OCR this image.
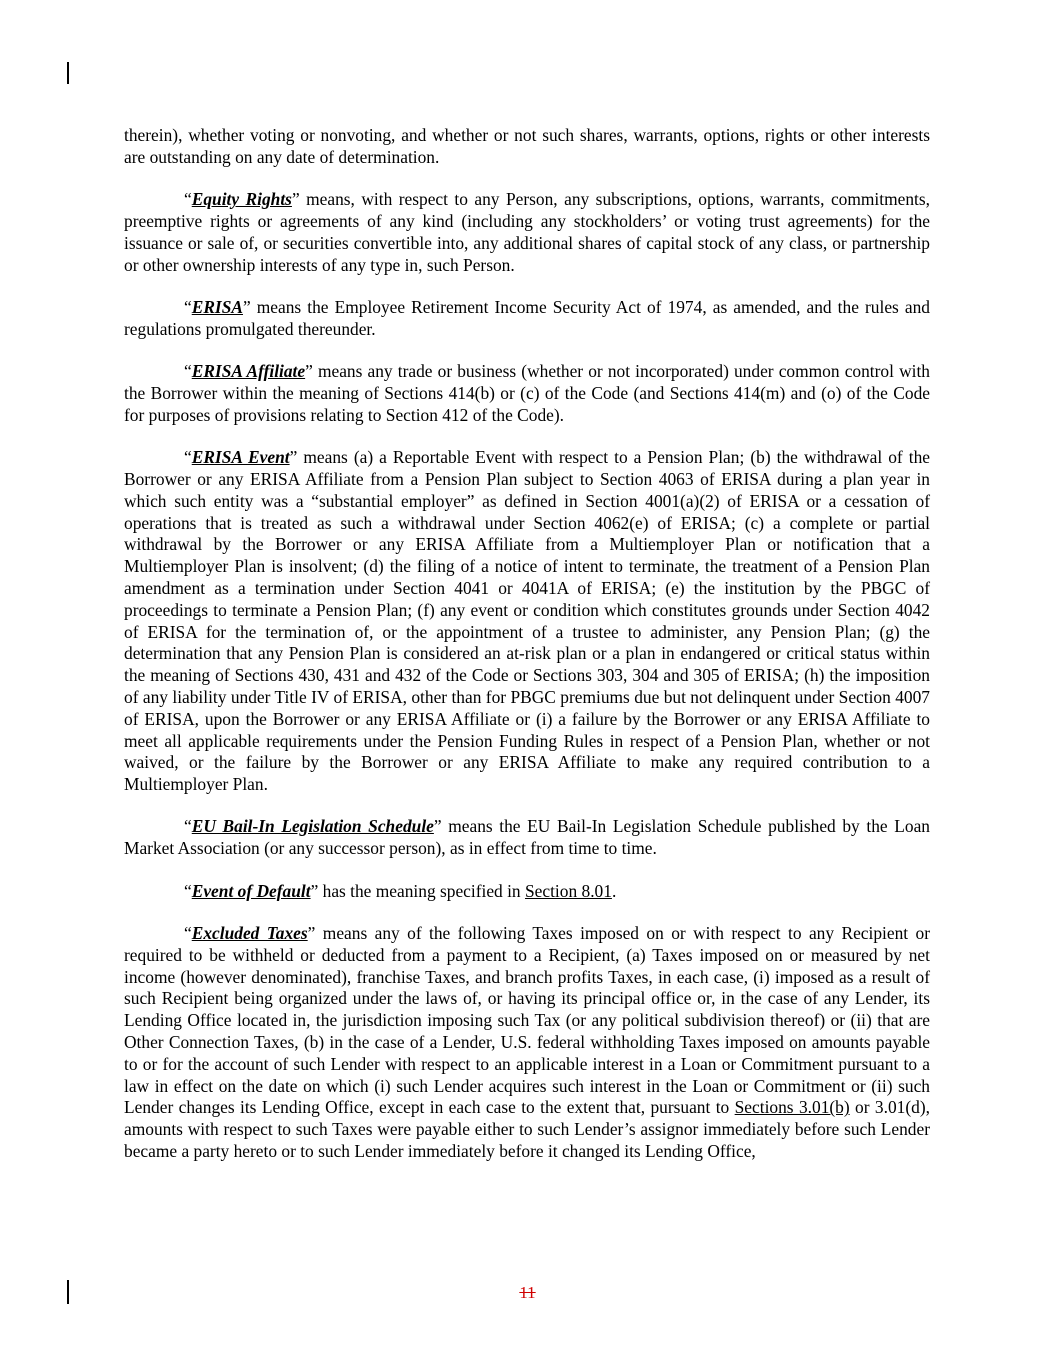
therein), whether voting or nonvoting, and whether or not such shares, warrants, options, rights or other interests are outstanding on any date of determination.

“Equity Rights” means, with respect to any Person, any subscriptions, options, warrants, commitments, preemptive rights or agreements of any kind (including any stockholders’ or voting trust agreements) for the issuance or sale of, or securities convertible into, any additional shares of capital stock of any class, or partnership or other ownership interests of any type in, such Person.

“ERISA” means the Employee Retirement Income Security Act of 1974, as amended, and the rules and regulations promulgated thereunder.

“ERISA Affiliate” means any trade or business (whether or not incorporated) under common control with the Borrower within the meaning of Sections 414(b) or (c) of the Code (and Sections 414(m) and (o) of the Code for purposes of provisions relating to Section 412 of the Code).

“ERISA Event” means (a) a Reportable Event with respect to a Pension Plan; (b) the withdrawal of the Borrower or any ERISA Affiliate from a Pension Plan subject to Section 4063 of ERISA during a plan year in which such entity was a “substantial employer” as defined in Section 4001(a)(2) of ERISA or a cessation of operations that is treated as such a withdrawal under Section 4062(e) of ERISA; (c) a complete or partial withdrawal by the Borrower or any ERISA Affiliate from a Multiemployer Plan or notification that a Multiemployer Plan is insolvent; (d) the filing of a notice of intent to terminate, the treatment of a Pension Plan amendment as a termination under Section 4041 or 4041A of ERISA; (e) the institution by the PBGC of proceedings to terminate a Pension Plan; (f) any event or condition which constitutes grounds under Section 4042 of ERISA for the termination of, or the appointment of a trustee to administer, any Pension Plan; (g) the determination that any Pension Plan is considered an at-risk plan or a plan in endangered or critical status within the meaning of Sections 430, 431 and 432 of the Code or Sections 303, 304 and 305 of ERISA; (h) the imposition of any liability under Title IV of ERISA, other than for PBGC premiums due but not delinquent under Section 4007 of ERISA, upon the Borrower or any ERISA Affiliate or (i) a failure by the Borrower or any ERISA Affiliate to meet all applicable requirements under the Pension Funding Rules in respect of a Pension Plan, whether or not waived, or the failure by the Borrower or any ERISA Affiliate to make any required contribution to a Multiemployer Plan.

“EU Bail-In Legislation Schedule” means the EU Bail-In Legislation Schedule published by the Loan Market Association (or any successor person), as in effect from time to time.

“Event of Default” has the meaning specified in Section 8.01.

“Excluded Taxes” means any of the following Taxes imposed on or with respect to any Recipient or required to be withheld or deducted from a payment to a Recipient, (a) Taxes imposed on or measured by net income (however denominated), franchise Taxes, and branch profits Taxes, in each case, (i) imposed as a result of such Recipient being organized under the laws of, or having its principal office or, in the case of any Lender, its Lending Office located in, the jurisdiction imposing such Tax (or any political subdivision thereof) or (ii) that are Other Connection Taxes, (b) in the case of a Lender, U.S. federal withholding Taxes imposed on amounts payable to or for the account of such Lender with respect to an applicable interest in a Loan or Commitment pursuant to a law in effect on the date on which (i) such Lender acquires such interest in the Loan or Commitment or (ii) such Lender changes its Lending Office, except in each case to the extent that, pursuant to Sections 3.01(b) or 3.01(d), amounts with respect to such Taxes were payable either to such Lender’s assignor immediately before such Lender became a party hereto or to such Lender immediately before it changed its Lending Office,

11
